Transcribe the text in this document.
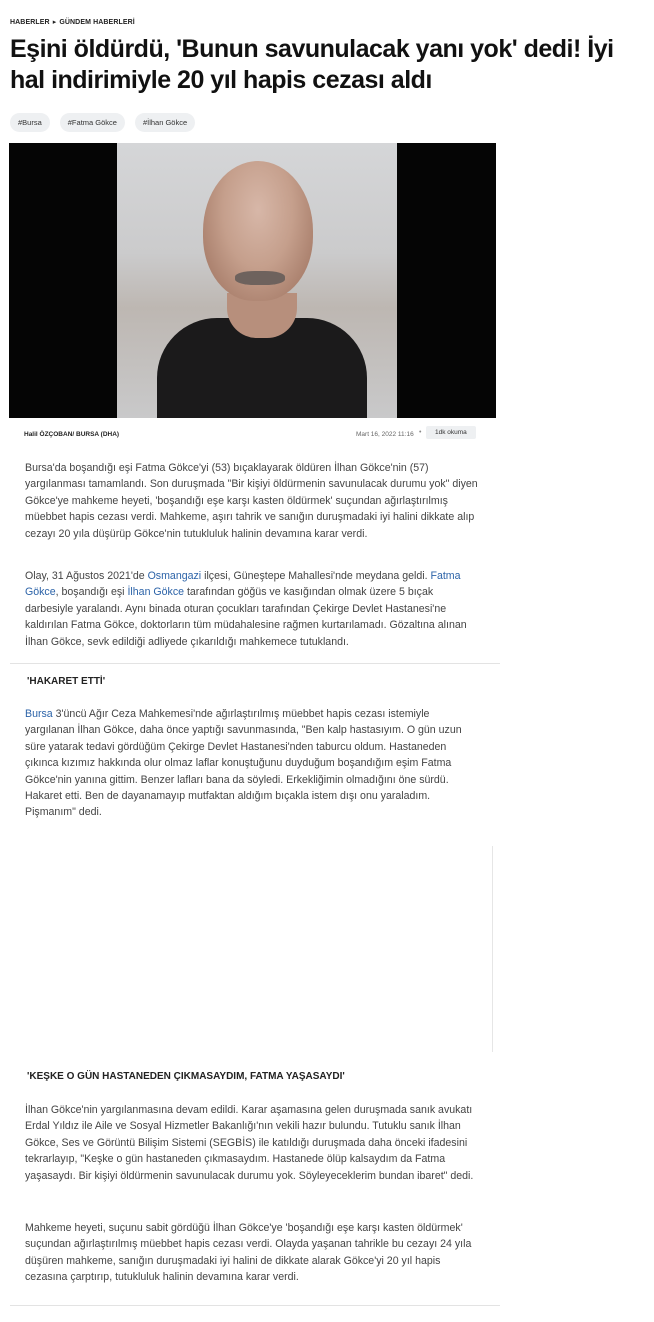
HABERLER ▸ GÜNDEM HABERLERİ
Eşini öldürdü, 'Bunun savunulacak yanı yok' dedi! İyi hal indirimiyle 20 yıl hapis cezası aldı
#Bursa	#Fatma Gökce	#İlhan Gökce
Halil ÖZÇOBAN/ BURSA (DHA)	Mart 16, 2022 11:16 •	1dk okuma

Bursa'da boşandığı eşi Fatma Gökce'yi (53) bıçaklayarak öldüren İlhan Gökce'nin (57) yargılanması tamamlandı. Son duruşmada "Bir kişiyi öldürmenin savunulacak durumu yok" diyen Gökce'ye mahkeme heyeti, 'boşandığı eşe karşı kasten öldürmek' suçundan ağırlaştırılmış müebbet hapis cezası verdi. Mahkeme, aşırı tahrik ve sanığın duruşmadaki iyi halini dikkate alıp cezayı 20 yıla düşürüp Gökce'nin tutukluluk halinin devamına karar verdi.

Olay, 31 Ağustos 2021'de Osmangazi ilçesi, Güneştepe Mahallesi'nde meydana geldi. Fatma Gökce, boşandığı eşi İlhan Gökce tarafından göğüs ve kasığından olmak üzere 5 bıçak darbesiyle yaralandı. Aynı binada oturan çocukları tarafından Çekirge Devlet Hastanesi'ne kaldırılan Fatma Gökce, doktorların tüm müdahalesine rağmen kurtarılamadı. Gözaltına alınan İlhan Gökce, sevk edildiği adliyede çıkarıldığı mahkemece tutuklandı.

'HAKARET ETTİ'

Bursa 3'üncü Ağır Ceza Mahkemesi'nde ağırlaştırılmış müebbet hapis cezası istemiyle yargılanan İlhan Gökce, daha önce yaptığı savunmasında, "Ben kalp hastasıyım. O gün uzun süre yatarak tedavi gördüğüm Çekirge Devlet Hastanesi'nden taburcu oldum. Hastaneden çıkınca kızımız hakkında olur olmaz laflar konuştuğunu duyduğum boşandığım eşim Fatma Gökce'nin yanına gittim. Benzer lafları bana da söyledi. Erkekliğimin olmadığını öne sürdü. Hakaret etti. Ben de dayanamayıp mutfaktan aldığım bıçakla istem dışı onu yaraladım. Pişmanım" dedi.

'KEŞKE O GÜN HASTANEDEN ÇIKMASAYDIM, FATMA YAŞASAYDI'

İlhan Gökce'nin yargılanmasına devam edildi. Karar aşamasına gelen duruşmada sanık avukatı Erdal Yıldız ile Aile ve Sosyal Hizmetler Bakanlığı'nın vekili hazır bulundu. Tutuklu sanık İlhan Gökce, Ses ve Görüntü Bilişim Sistemi (SEGBİS) ile katıldığı duruşmada daha önceki ifadesini tekrarlayıp, "Keşke o gün hastaneden çıkmasaydım. Hastanede ölüp kalsaydım da Fatma yaşasaydı. Bir kişiyi öldürmenin savunulacak durumu yok. Söyleyeceklerim bundan ibaret" dedi.

Mahkeme heyeti, suçunu sabit gördüğü İlhan Gökce'ye 'boşandığı eşe karşı kasten öldürmek' suçundan ağırlaştırılmış müebbet hapis cezası verdi. Olayda yaşanan tahrikle bu cezayı 24 yıla düşüren mahkeme, sanığın duruşmadaki iyi halini de dikkate alarak Gökce'yi 20 yıl hapis cezasına çarptırıp, tutukluluk halinin devamına karar verdi.
